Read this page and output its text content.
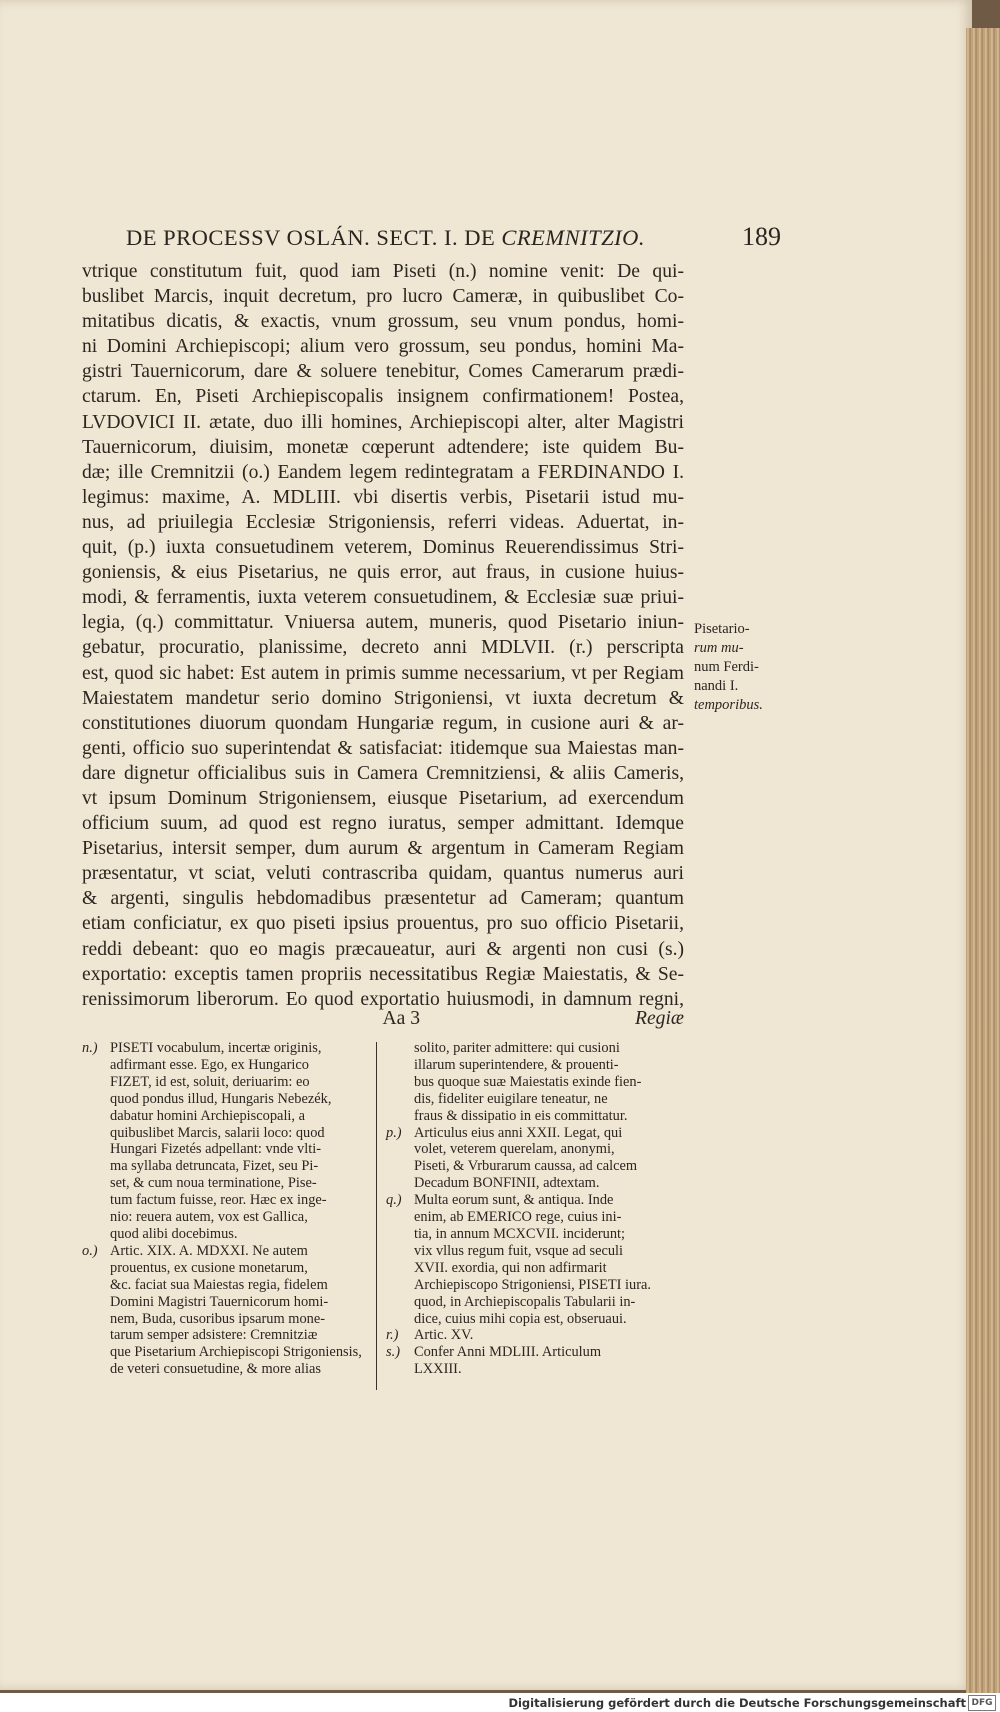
DE PROCESSV OSLÁN. SECT. I. DE CREMNITZIO.	189
vtrique constitutum fuit, quod iam Piseti (n.) nomine venit: De qui-
buslibet Marcis, inquit decretum, pro lucro Cameræ, in quibuslibet Co-
mitatibus dicatis, & exactis, vnum grossum, seu vnum pondus, homi-
ni Domini Archiepiscopi; alium vero grossum, seu pondus, homini Ma-
gistri Tauernicorum, dare & soluere tenebitur, Comes Camerarum prædi-
ctarum. En, Piseti Archiepiscopalis insignem confirmationem! Postea,
LVDOVICI II. ætate, duo illi homines, Archiepiscopi alter, alter Magistri
Tauernicorum, diuisim, monetæ cœperunt adtendere; iste quidem Bu-
dæ; ille Cremnitzii (o.) Eandem legem redintegratam a FERDINANDO I.
legimus: maxime, A. MDLIII. vbi disertis verbis, Pisetarii istud mu-
nus, ad priuilegia Ecclesiæ Strigoniensis, referri videas. Aduertat, in-
quit, (p.) iuxta consuetudinem veterem, Dominus Reuerendissimus Stri-
goniensis, & eius Pisetarius, ne quis error, aut fraus, in cusione huius-
modi, & ferramentis, iuxta veterem consuetudinem, & Ecclesiæ suæ priui-
legia, (q.) committatur. Vniuersa autem, muneris, quod Pisetario iniun-
gebatur, procuratio, planissime, decreto anni MDLVII. (r.) perscripta
est, quod sic habet: Est autem in primis summe necessarium, vt per Regiam
Maiestatem mandetur serio domino Strigoniensi, vt iuxta decretum &
constitutiones diuorum quondam Hungariæ regum, in cusione auri & ar-
genti, officio suo superintendat & satisfaciat: itidemque sua Maiestas man-
dare dignetur officialibus suis in Camera Cremnitziensi, & aliis Cameris,
vt ipsum Dominum Strigoniensem, eiusque Pisetarium, ad exercendum
officium suum, ad quod est regno iuratus, semper admittant. Idemque
Pisetarius, intersit semper, dum aurum & argentum in Cameram Regiam
præsentatur, vt sciat, veluti contrascriba quidam, quantus numerus auri
& argenti, singulis hebdomadibus præsentetur ad Cameram; quantum
etiam conficiatur, ex quo piseti ipsius prouentus, pro suo officio Pisetarii,
reddi debeant: quo eo magis præcaueatur, auri & argenti non cusi (s.)
exportatio: exceptis tamen propriis necessitatibus Regiæ Maiestatis, & Se-
renissimorum liberorum. Eo quod exportatio huiusmodi, in damnum regni,
Pisetario-
rum mu-
num Ferdi-
nandi I.
temporibus.
Aa 3	Regiæ
n.) PISETI vocabulum, incertæ originis,
adfirmant esse. Ego, ex Hungarico
FIZET, id est, soluit, deriuarim: eo
quod pondus illud, Hungaris Nebezék,
dabatur homini Archiepiscopali, a
quibuslibet Marcis, salarii loco: quod
Hungari Fizetés adpellant: vnde vlti-
ma syllaba detruncata, Fizet, seu Pi-
set, & cum noua terminatione, Pise-
tum factum fuisse, reor. Hæc ex inge-
nio: reuera autem, vox est Gallica,
quod alibi docebimus.
o.) Artic. XIX. A. MDXXI. Ne autem
prouentus, ex cusione monetarum,
&c. faciat sua Maiestas regia, fidelem
Domini Magistri Tauernicorum homi-
nem, Buda, cusoribus ipsarum mone-
tarum semper adsistere: Cremnitziæ
que Pisetarium Archiepiscopi Strigoniensis,
de veteri consuetudine, & more alias
solito, pariter admittere: qui cusioni
illarum superintendere, & prouenti-
bus quoque suæ Maiestatis exinde fien-
dis, fideliter euigilare teneatur, ne
fraus & dissipatio in eis committatur.
p.) Articulus eius anni XXII. Legat, qui
volet, veterem querelam, anonymi,
Piseti, & Vrburarum caussa, ad calcem
Decadum BONFINII, adtextam.
q.) Multa eorum sunt, & antiqua. Inde
enim, ab EMERICO rege, cuius ini-
tia, in annum MCXCVII. inciderunt;
vix vllus regum fuit, vsque ad seculi
XVII. exordia, qui non adfirmarit
Archiepiscopo Strigoniensi, PISETI iura.
quod, in Archiepiscopalis Tabularii in-
dice, cuius mihi copia est, obseruaui.
r.) Artic. XV.
s.) Confer Anni MDLIII. Articulum
LXXIII.
Digitalisierung gefördert durch die Deutsche Forschungsgemeinschaft DFG
